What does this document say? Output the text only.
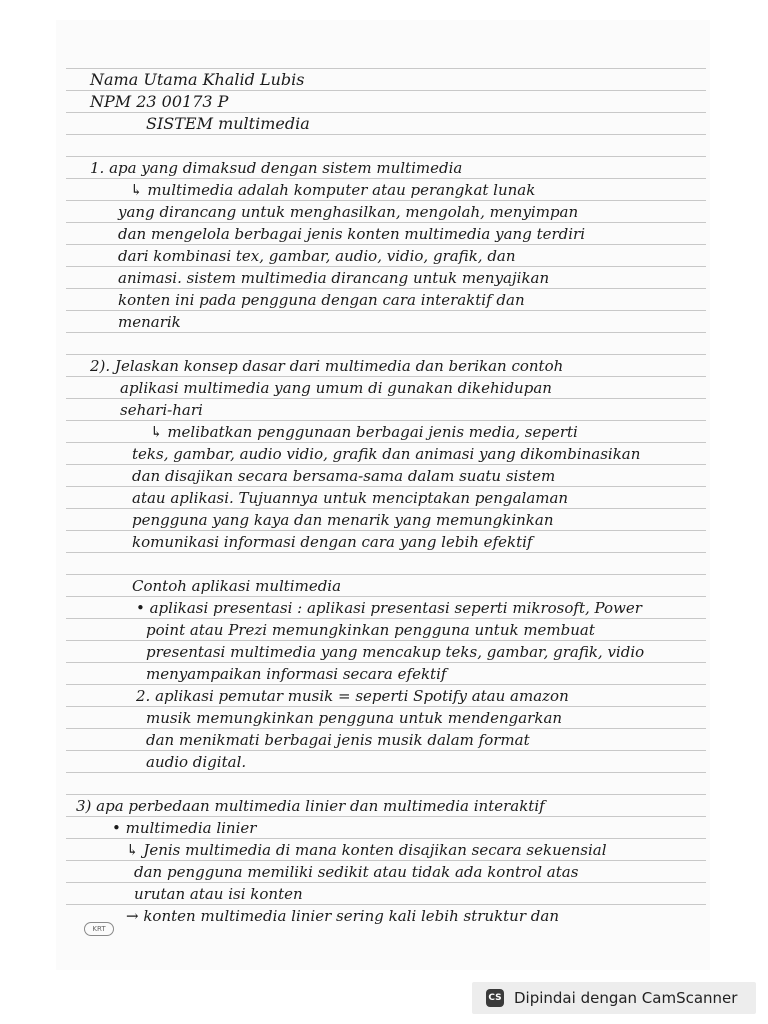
Nama Utama Khalid Lubis
NPM 23 00173 P
SISTEM multimedia
1. apa yang dimaksud dengan sistem multimedia
↳ multimedia adalah komputer atau perangkat lunak
yang dirancang untuk menghasilkan, mengolah, menyimpan
dan mengelola berbagai jenis konten multimedia yang terdiri
dari kombinasi tex, gambar, audio, vidio, grafik, dan
animasi. sistem multimedia dirancang untuk menyajikan
konten ini pada pengguna dengan cara interaktif dan
menarik
2). Jelaskan konsep dasar dari multimedia dan berikan contoh
aplikasi multimedia yang umum di gunakan dikehidupan
sehari-hari
↳ melibatkan penggunaan berbagai jenis media, seperti
teks, gambar, audio vidio, grafik dan animasi yang dikombinasikan
dan disajikan secara bersama-sama dalam suatu sistem
atau aplikasi. Tujuannya untuk menciptakan pengalaman
pengguna yang kaya dan menarik yang memungkinkan
komunikasi informasi dengan cara yang lebih efektif
Contoh aplikasi multimedia
• aplikasi presentasi : aplikasi presentasi seperti mikrosoft, Power
point atau Prezi memungkinkan pengguna untuk membuat
presentasi multimedia yang mencakup teks, gambar, grafik, vidio
menyampaikan informasi secara efektif
2. aplikasi pemutar musik = seperti Spotify atau amazon
musik memungkinkan pengguna untuk mendengarkan
dan menikmati berbagai jenis musik dalam format
audio digital.
3) apa perbedaan multimedia linier dan multimedia interaktif
• multimedia linier
↳ Jenis multimedia di mana konten disajikan secara sekuensial
dan pengguna memiliki sedikit atau tidak ada kontrol atas
urutan atau isi konten
→ konten multimedia linier sering kali lebih struktur dan
KRT
CS Dipindai dengan CamScanner
